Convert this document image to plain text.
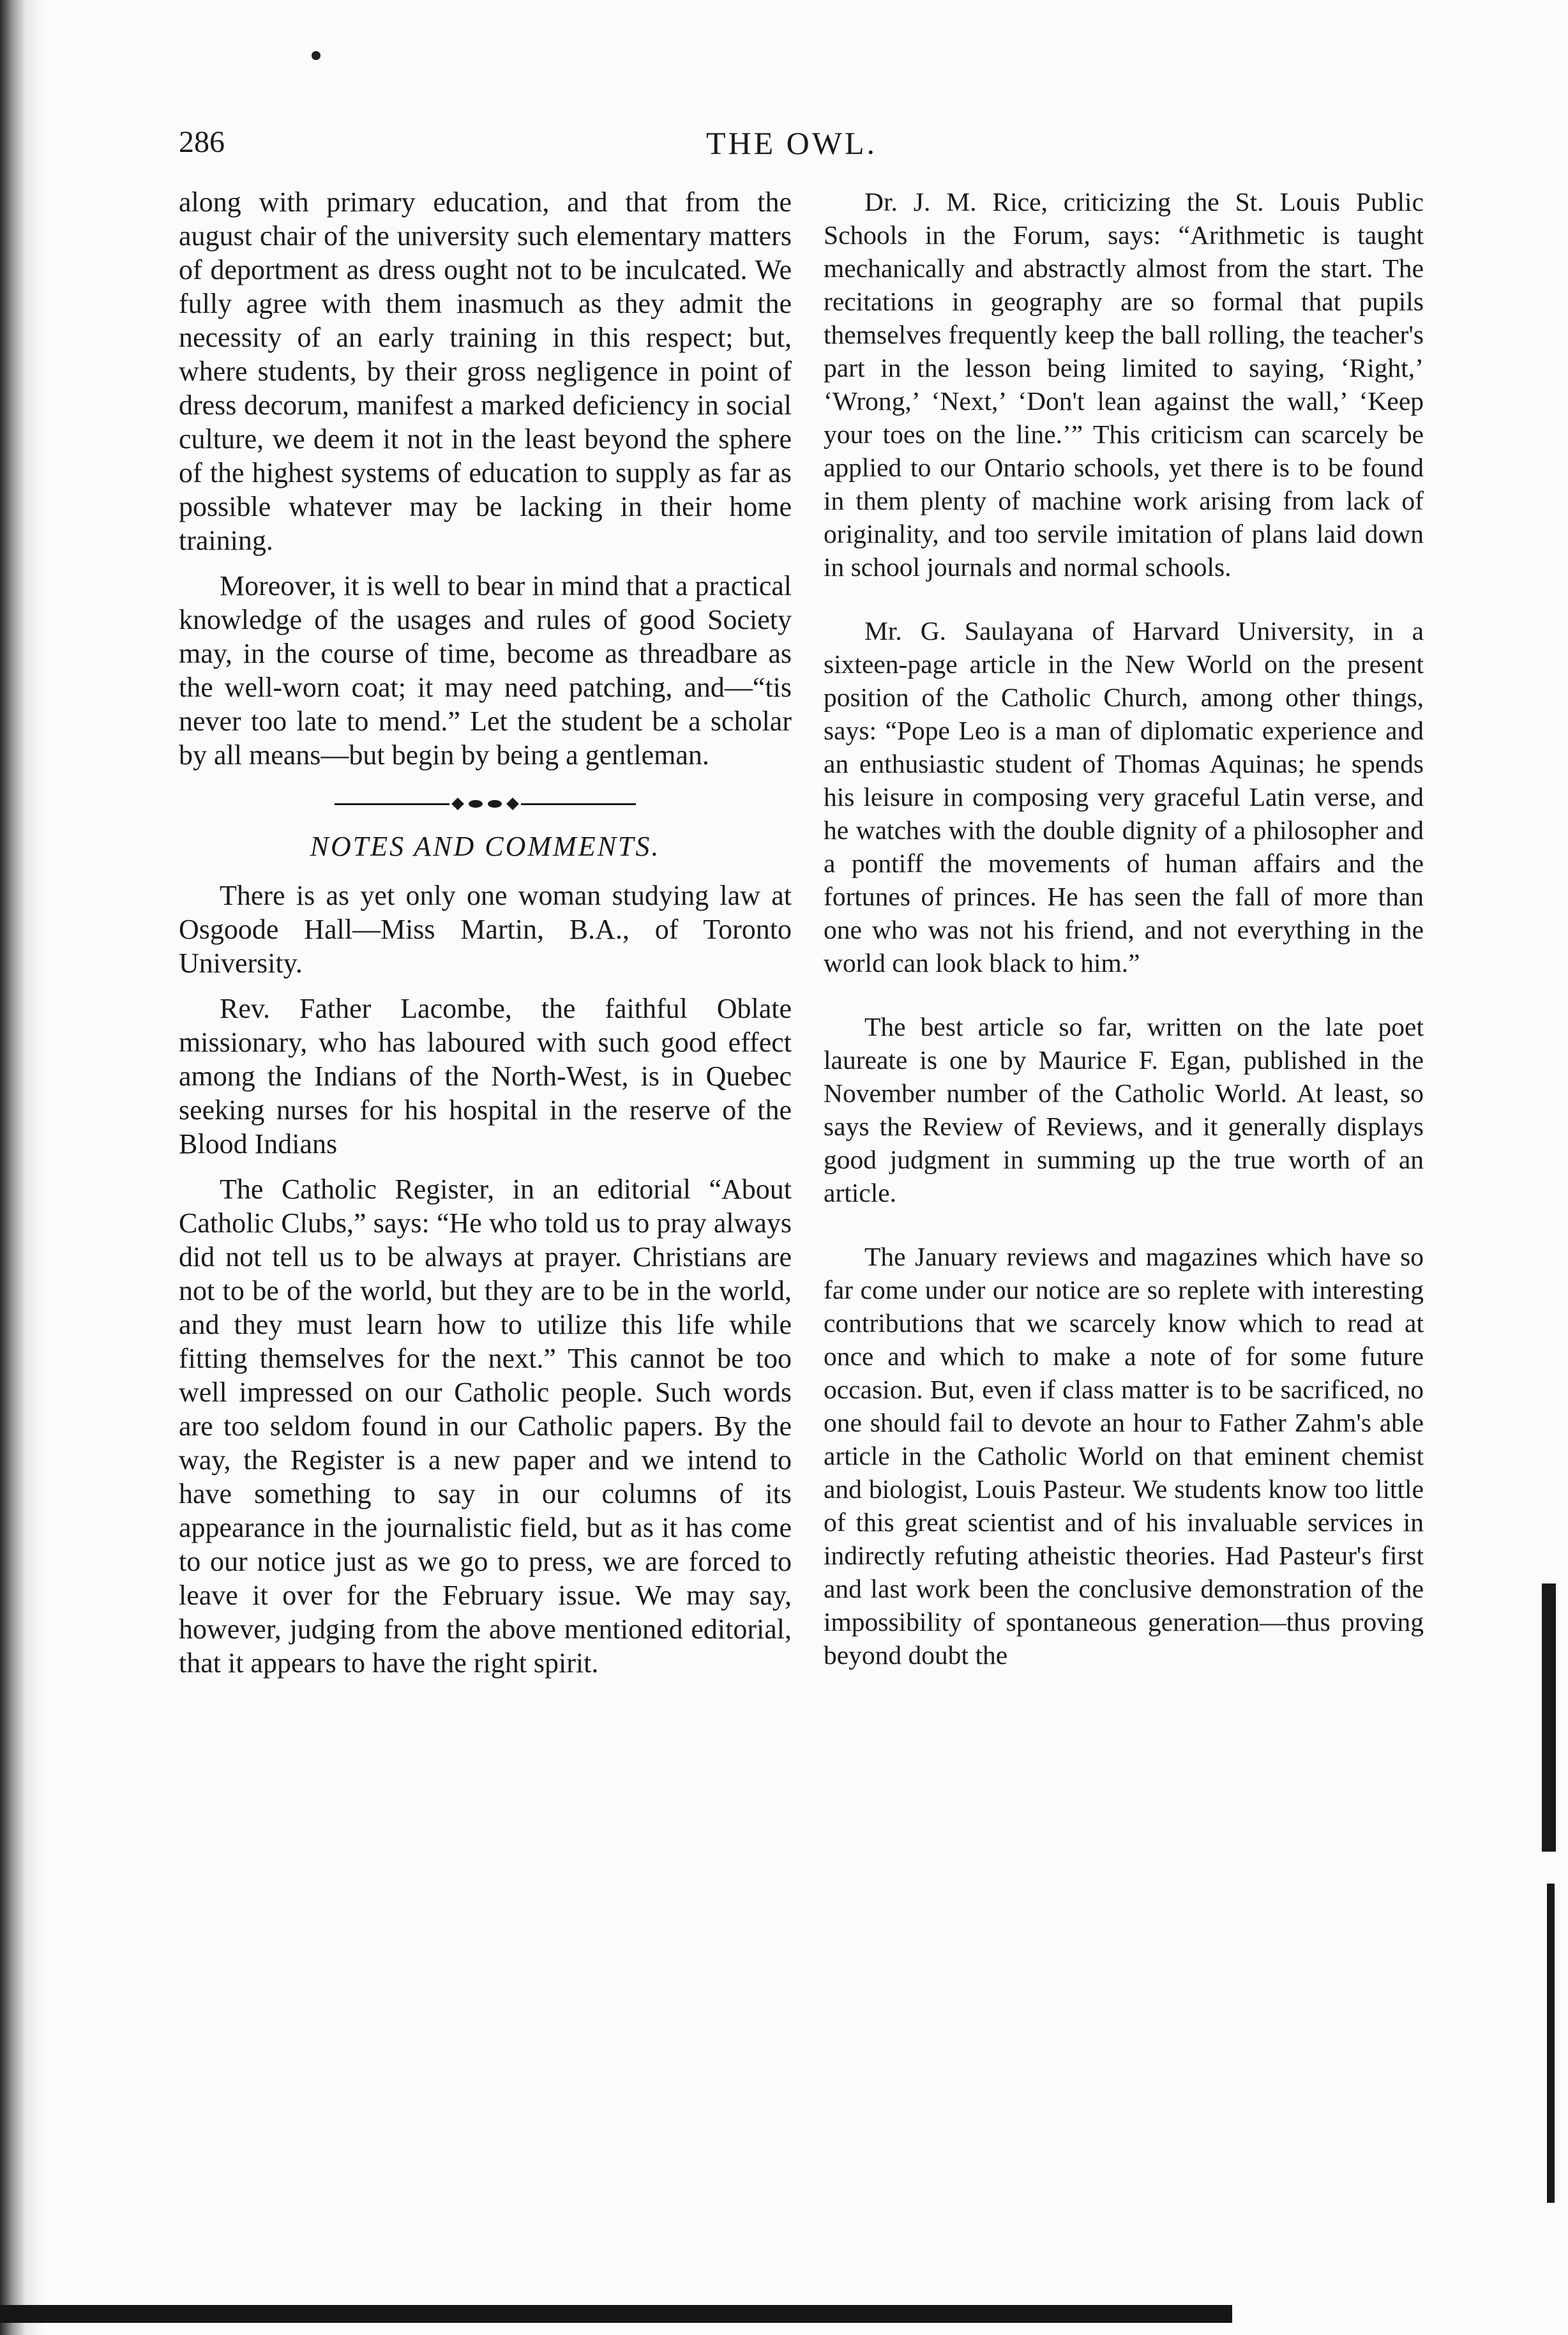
286	THE OWL.

along with primary education, and that from the august chair of the university such elementary matters of deportment as dress ought not to be inculcated. We fully agree with them inasmuch as they admit the necessity of an early training in this respect; but, where students, by their gross negligence in point of dress decorum, manifest a marked deficiency in social culture, we deem it not in the least beyond the sphere of the highest systems of education to supply as far as possible whatever may be lacking in their home training.

Moreover, it is well to bear in mind that a practical knowledge of the usages and rules of good Society may, in the course of time, become as threadbare as the well-worn coat; it may need patching, and—“tis never too late to mend.” Let the student be a scholar by all means—but begin by being a gentleman.

NOTES AND COMMENTS.

There is as yet only one woman studying law at Osgoode Hall—Miss Martin, B.A., of Toronto University.

Rev. Father Lacombe, the faithful Oblate missionary, who has laboured with such good effect among the Indians of the North-West, is in Quebec seeking nurses for his hospital in the reserve of the Blood Indians

The Catholic Register, in an editorial “About Catholic Clubs,” says: “He who told us to pray always did not tell us to be always at prayer. Christians are not to be of the world, but they are to be in the world, and they must learn how to utilize this life while fitting themselves for the next.” This cannot be too well impressed on our Catholic people. Such words are too seldom found in our Catholic papers. By the way, the Register is a new paper and we intend to have something to say in our columns of its appearance in the journalistic field, but as it has come to our notice just as we go to press, we are forced to leave it over for the February issue. We may say, however, judging from the above mentioned editorial, that it appears to have the right spirit.

Dr. J. M. Rice, criticizing the St. Louis Public Schools in the Forum, says: “Arithmetic is taught mechanically and abstractly almost from the start. The recitations in geography are so formal that pupils themselves frequently keep the ball rolling, the teacher's part in the lesson being limited to saying, ‘Right,’ ‘Wrong,’ ‘Next,’ ‘Don't lean against the wall,’ ‘Keep your toes on the line.’” This criticism can scarcely be applied to our Ontario schools, yet there is to be found in them plenty of machine work arising from lack of originality, and too servile imitation of plans laid down in school journals and normal schools.

Mr. G. Saulayana of Harvard University, in a sixteen-page article in the New World on the present position of the Catholic Church, among other things, says: “Pope Leo is a man of diplomatic experience and an enthusiastic student of Thomas Aquinas; he spends his leisure in composing very graceful Latin verse, and he watches with the double dignity of a philosopher and a pontiff the movements of human affairs and the fortunes of princes. He has seen the fall of more than one who was not his friend, and not everything in the world can look black to him.”

The best article so far, written on the late poet laureate is one by Maurice F. Egan, published in the November number of the Catholic World. At least, so says the Review of Reviews, and it generally displays good judgment in summing up the true worth of an article.

The January reviews and magazines which have so far come under our notice are so replete with interesting contributions that we scarcely know which to read at once and which to make a note of for some future occasion. But, even if class matter is to be sacrificed, no one should fail to devote an hour to Father Zahm's able article in the Catholic World on that eminent chemist and biologist, Louis Pasteur. We students know too little of this great scientist and of his invaluable services in indirectly refuting atheistic theories. Had Pasteur's first and last work been the conclusive demonstration of the impossibility of spontaneous generation—thus proving beyond doubt the
